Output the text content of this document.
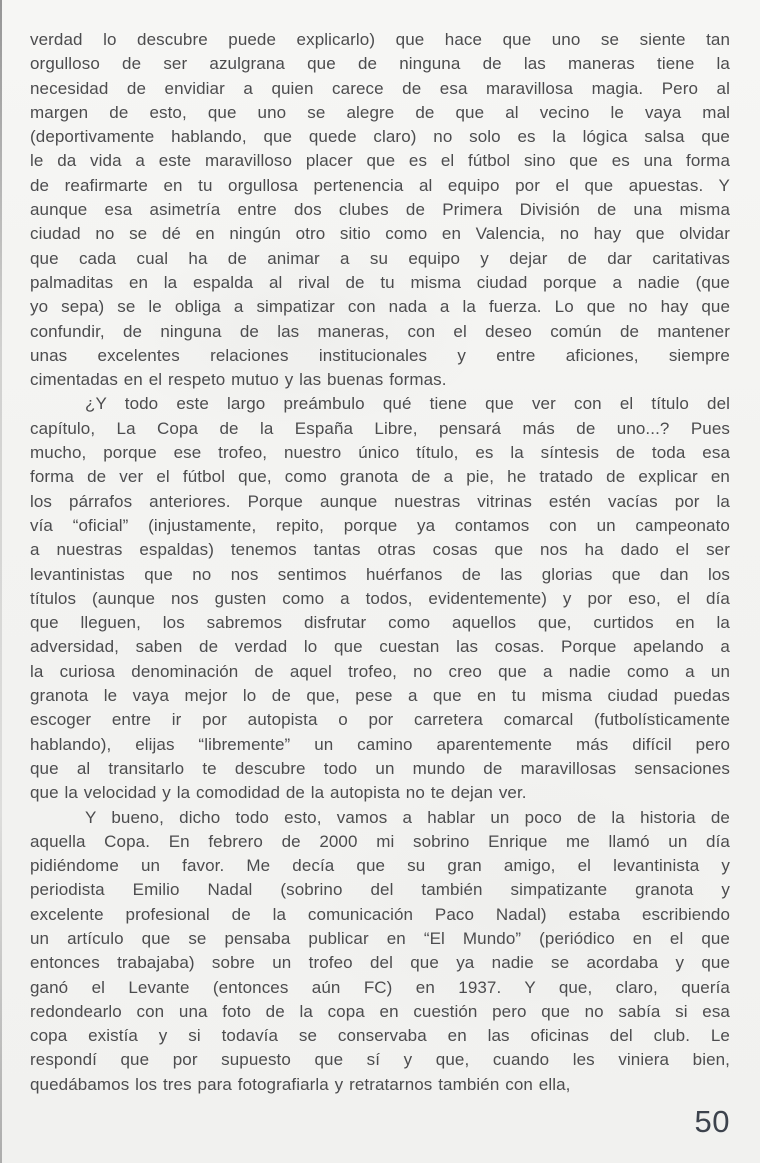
verdad lo descubre puede explicarlo) que hace que uno se siente tan
orgulloso de ser azulgrana que de ninguna de las maneras tiene la
necesidad de envidiar a quien carece de esa maravillosa magia. Pero al
margen de esto, que uno se alegre de que al vecino le vaya mal
(deportivamente hablando, que quede claro) no solo es la lógica salsa que
le da vida a este maravilloso placer que es el fútbol sino que es una forma
de reafirmarte en tu orgullosa pertenencia al equipo por el que apuestas. Y
aunque esa asimetría entre dos clubes de Primera División de una misma
ciudad no se dé en ningún otro sitio como en Valencia, no hay que olvidar
que cada cual ha de animar a su equipo y dejar de dar caritativas
palmaditas en la espalda al rival de tu misma ciudad porque a nadie (que
yo sepa) se le obliga a simpatizar con nada a la fuerza. Lo que no hay que
confundir, de ninguna de las maneras, con el deseo común de mantener
unas excelentes relaciones institucionales y entre aficiones, siempre
cimentadas en el respeto mutuo y las buenas formas.
¿Y todo este largo preámbulo qué tiene que ver con el título del
capítulo, La Copa de la España Libre, pensará más de uno...? Pues
mucho, porque ese trofeo, nuestro único título, es la síntesis de toda esa
forma de ver el fútbol que, como granota de a pie, he tratado de explicar en
los párrafos anteriores. Porque aunque nuestras vitrinas estén vacías por la
vía “oficial” (injustamente, repito, porque ya contamos con un campeonato
a nuestras espaldas) tenemos tantas otras cosas que nos ha dado el ser
levantinistas que no nos sentimos huérfanos de las glorias que dan los
títulos (aunque nos gusten como a todos, evidentemente) y por eso, el día
que lleguen, los sabremos disfrutar como aquellos que, curtidos en la
adversidad, saben de verdad lo que cuestan las cosas. Porque apelando a
la curiosa denominación de aquel trofeo, no creo que a nadie como a un
granota le vaya mejor lo de que, pese a que en tu misma ciudad puedas
escoger entre ir por autopista o por carretera comarcal (futbolísticamente
hablando), elijas “libremente” un camino aparentemente más difícil pero
que al transitarlo te descubre todo un mundo de maravillosas sensaciones
que la velocidad y la comodidad de la autopista no te dejan ver.
Y bueno, dicho todo esto, vamos a hablar un poco de la historia de
aquella Copa. En febrero de 2000 mi sobrino Enrique me llamó un día
pidiéndome un favor. Me decía que su gran amigo, el levantinista y
periodista Emilio Nadal (sobrino del también simpatizante granota y
excelente profesional de la comunicación Paco Nadal) estaba escribiendo
un artículo que se pensaba publicar en “El Mundo” (periódico en el que
entonces trabajaba) sobre un trofeo del que ya nadie se acordaba y que
ganó el Levante (entonces aún FC) en 1937. Y que, claro, quería
redondearlo con una foto de la copa en cuestión pero que no sabía si esa
copa existía y si todavía se conservaba en las oficinas del club. Le
respondí que por supuesto que sí y que, cuando les viniera bien,
quedábamos los tres para fotografiarla y retratarnos también con ella,
50
